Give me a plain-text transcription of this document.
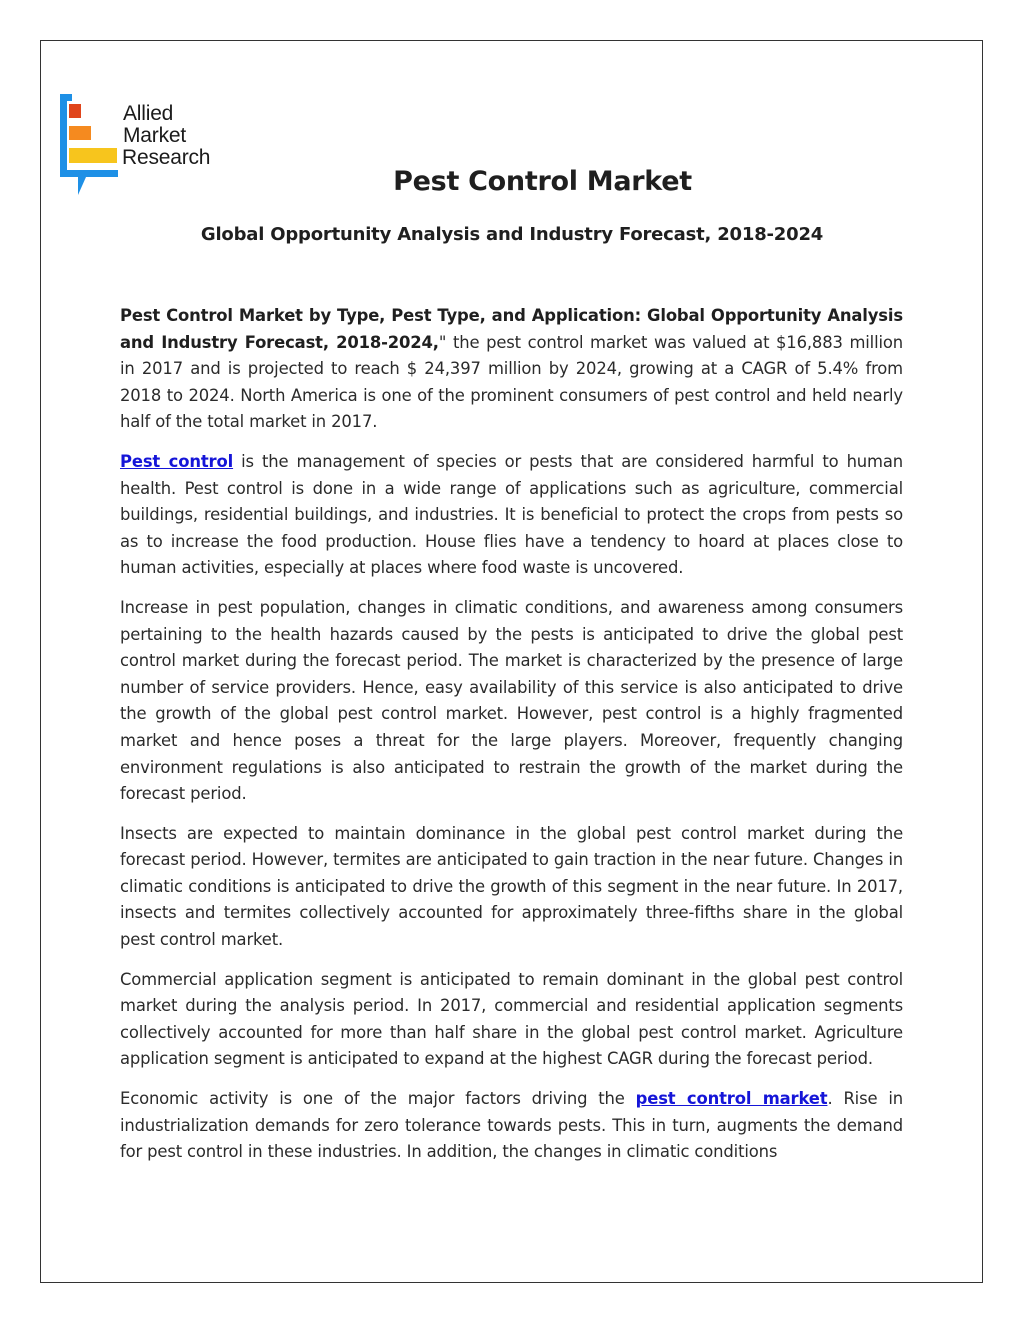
Allied
Market
Research
Pest Control Market
Global Opportunity Analysis and Industry Forecast, 2018-2024

Pest Control Market by Type, Pest Type, and Application: Global Opportunity Analysis and Industry Forecast, 2018-2024," the pest control market was valued at $16,883 million in 2017 and is projected to reach $ 24,397 million by 2024, growing at a CAGR of 5.4% from 2018 to 2024. North America is one of the prominent consumers of pest control and held nearly half of the total market in 2017.

Pest control is the management of species or pests that are considered harmful to human health. Pest control is done in a wide range of applications such as agriculture, commercial buildings, residential buildings, and industries. It is beneficial to protect the crops from pests so as to increase the food production. House flies have a tendency to hoard at places close to human activities, especially at places where food waste is uncovered.

Increase in pest population, changes in climatic conditions, and awareness among consumers pertaining to the health hazards caused by the pests is anticipated to drive the global pest control market during the forecast period. The market is characterized by the presence of large number of service providers. Hence, easy availability of this service is also anticipated to drive the growth of the global pest control market. However, pest control is a highly fragmented market and hence poses a threat for the large players. Moreover, frequently changing environment regulations is also anticipated to restrain the growth of the market during the forecast period.

Insects are expected to maintain dominance in the global pest control market during the forecast period. However, termites are anticipated to gain traction in the near future. Changes in climatic conditions is anticipated to drive the growth of this segment in the near future. In 2017, insects and termites collectively accounted for approximately three-fifths share in the global pest control market.

Commercial application segment is anticipated to remain dominant in the global pest control market during the analysis period. In 2017, commercial and residential application segments collectively accounted for more than half share in the global pest control market. Agriculture application segment is anticipated to expand at the highest CAGR during the forecast period.

Economic activity is one of the major factors driving the pest control market. Rise in industrialization demands for zero tolerance towards pests. This in turn, augments the demand for pest control in these industries. In addition, the changes in climatic conditions
